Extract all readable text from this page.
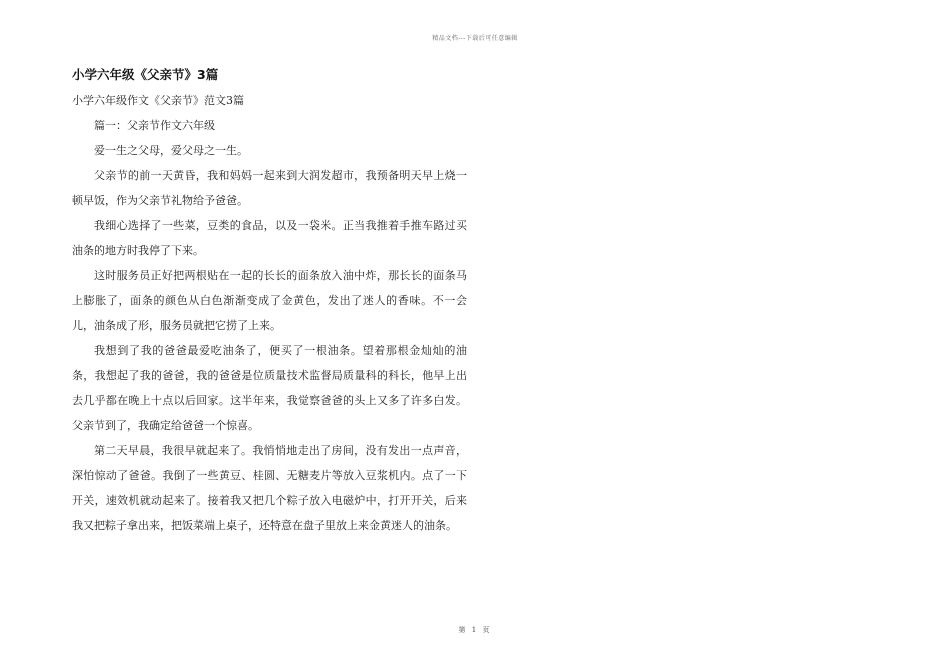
精品文档---下载后可任意编辑
小学六年级《父亲节》3篇
小学六年级作文《父亲节》范文3篇

篇一：父亲节作文六年级

爱一生之父母，爱父母之一生。

父亲节的前一天黄昏，我和妈妈一起来到大润发超市，我预备明天早上烧一顿早饭，作为父亲节礼物给予爸爸。

我细心选择了一些菜，豆类的食品，以及一袋米。正当我推着手推车路过买油条的地方时我停了下来。

这时服务员正好把两根贴在一起的长长的面条放入油中炸，那长长的面条马上膨胀了，面条的颜色从白色渐渐变成了金黄色，发出了迷人的香味。不一会儿，油条成了形，服务员就把它捞了上来。

我想到了我的爸爸最爱吃油条了，便买了一根油条。望着那根金灿灿的油条，我想起了我的爸爸，我的爸爸是位质量技术监督局质量科的科长，他早上出去几乎都在晚上十点以后回家。这半年来，我觉察爸爸的头上又多了许多白发。父亲节到了，我确定给爸爸一个惊喜。

第二天早晨，我很早就起来了。我悄悄地走出了房间，没有发出一点声音，深怕惊动了爸爸。我倒了一些黄豆、桂圆、无糖麦片等放入豆浆机内。点了一下开关，速效机就动起来了。接着我又把几个粽子放入电磁炉中，打开开关，后来我又把粽子拿出来，把饭菜端上桌子，还特意在盘子里放上来金黄迷人的油条。

第 1 页
